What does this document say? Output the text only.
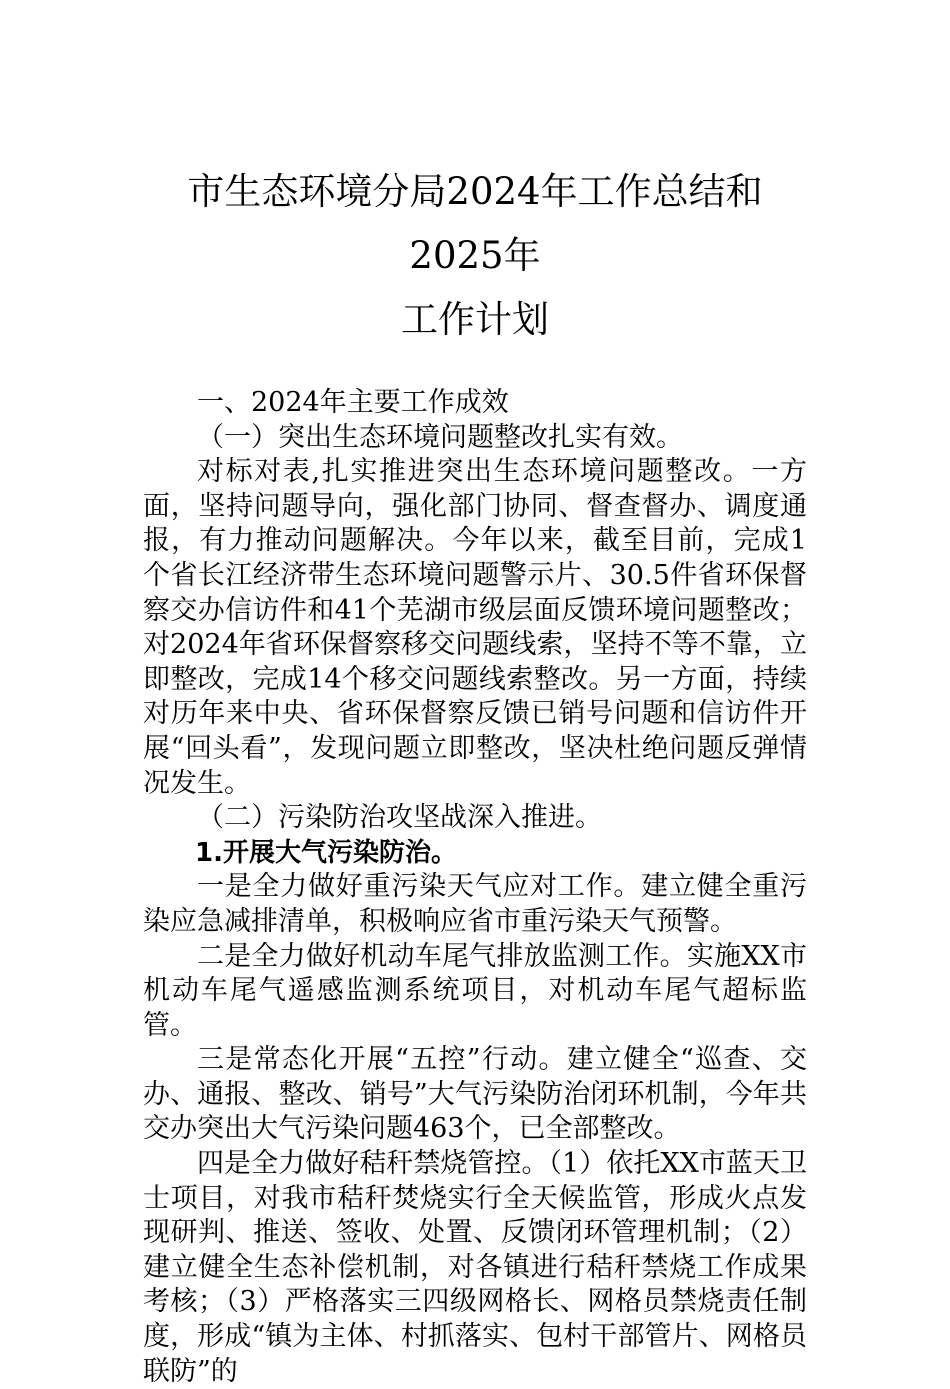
市生态环境分局2024年工作总结和2025年
工作计划

一、2024年主要工作成效

（一）突出生态环境问题整改扎实有效。

对标对表,扎实推进突出生态环境问题整改。一方面，坚持问题导向，强化部门协同、督查督办、调度通报，有力推动问题解决。今年以来，截至目前，完成1个省长江经济带生态环境问题警示片、30.5件省环保督察交办信访件和41个芜湖市级层面反馈环境问题整改；对2024年省环保督察移交问题线索，坚持不等不靠，立即整改，完成14个移交问题线索整改。另一方面，持续对历年来中央、省环保督察反馈已销号问题和信访件开展“回头看”，发现问题立即整改，坚决杜绝问题反弹情况发生。

（二）污染防治攻坚战深入推进。

1.开展大气污染防治。

一是全力做好重污染天气应对工作。建立健全重污染应急减排清单，积极响应省市重污染天气预警。

二是全力做好机动车尾气排放监测工作。实施XX市机动车尾气遥感监测系统项目，对机动车尾气超标监管。

三是常态化开展“五控”行动。建立健全“巡查、交办、通报、整改、销号”大气污染防治闭环机制，今年共交办突出大气污染问题463个，已全部整改。

四是全力做好秸秆禁烧管控。（1）依托XX市蓝天卫士项目，对我市秸秆焚烧实行全天候监管，形成火点发现研判、推送、签收、处置、反馈闭环管理机制；（2）建立健全生态补偿机制，对各镇进行秸秆禁烧工作成果考核；（3）严格落实三四级网格长、网格员禁烧责任制度，形成“镇为主体、村抓落实、包村干部管片、网格员联防”的
